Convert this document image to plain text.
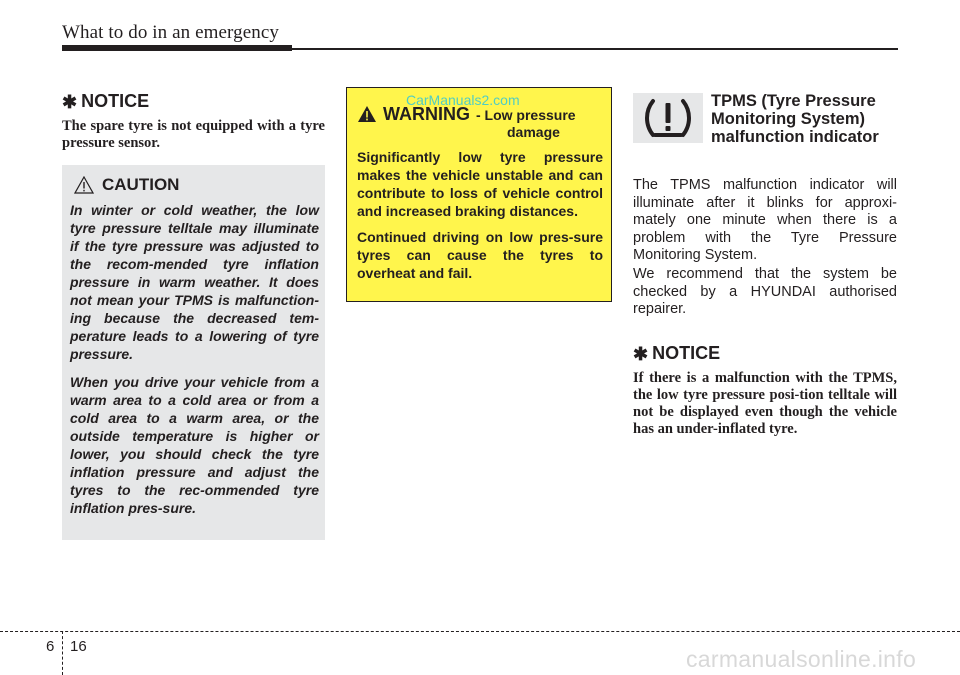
What to do in an emergency
✱ NOTICE
The spare tyre is not equipped with a tyre pressure sensor.
CAUTION

In winter or cold weather, the low tyre pressure telltale may illuminate if the tyre pressure was adjusted to the recom-mended tyre inflation pressure in warm weather. It does not mean your TPMS is malfunction-ing because the decreased tem-perature leads to a lowering of tyre pressure.

When you drive your vehicle from a warm area to a cold area or from a cold area to a warm area, or the outside temperature is higher or lower, you should check the tyre inflation pressure and adjust the tyres to the rec-ommended tyre inflation pres-sure.

WARNING - Low pressure
damage

Significantly low tyre pressure makes the vehicle unstable and can contribute to loss of vehicle control and increased braking distances.

Continued driving on low pres-sure tyres can cause the tyres to overheat and fail.

CarManuals2.com	TPMS (Tyre Pressure
Monitoring System)
malfunction indicator
The TPMS malfunction indicator will illuminate after it blinks for approxi-mately one minute when there is a problem with the Tyre Pressure Monitoring System.
We recommend that the system be checked by a HYUNDAI authorised repairer.
✱ NOTICE
If there is a malfunction with the TPMS, the low tyre pressure posi-tion telltale will not be displayed even though the vehicle has an under-inflated tyre.
6 16	carmanualsonline.info
